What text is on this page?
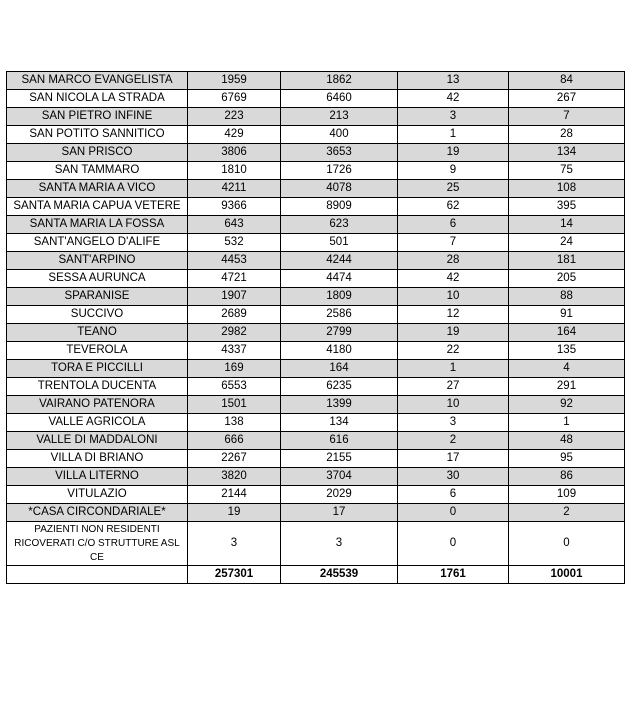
SAN MARCO EVANGELISTA	1959	1862	13	84
SAN NICOLA LA STRADA	6769	6460	42	267
SAN PIETRO INFINE	223	213	3	7
SAN POTITO SANNITICO	429	400	1	28
SAN PRISCO	3806	3653	19	134
SAN TAMMARO	1810	1726	9	75
SANTA MARIA A VICO	4211	4078	25	108
SANTA MARIA CAPUA VETERE	9366	8909	62	395
SANTA MARIA LA FOSSA	643	623	6	14
SANT'ANGELO D'ALIFE	532	501	7	24
SANT'ARPINO	4453	4244	28	181
SESSA AURUNCA	4721	4474	42	205
SPARANISE	1907	1809	10	88
SUCCIVO	2689	2586	12	91
TEANO	2982	2799	19	164
TEVEROLA	4337	4180	22	135
TORA E PICCILLI	169	164	1	4
TRENTOLA DUCENTA	6553	6235	27	291
VAIRANO PATENORA	1501	1399	10	92
VALLE AGRICOLA	138	134	3	1
VALLE DI MADDALONI	666	616	2	48
VILLA DI BRIANO	2267	2155	17	95
VILLA LITERNO	3820	3704	30	86
VITULAZIO	2144	2029	6	109
*CASA CIRCONDARIALE*	19	17	0	2
PAZIENTI NON RESIDENTI RICOVERATI C/O STRUTTURE ASL CE	3	3	0	0
	257301	245539	1761	10001
